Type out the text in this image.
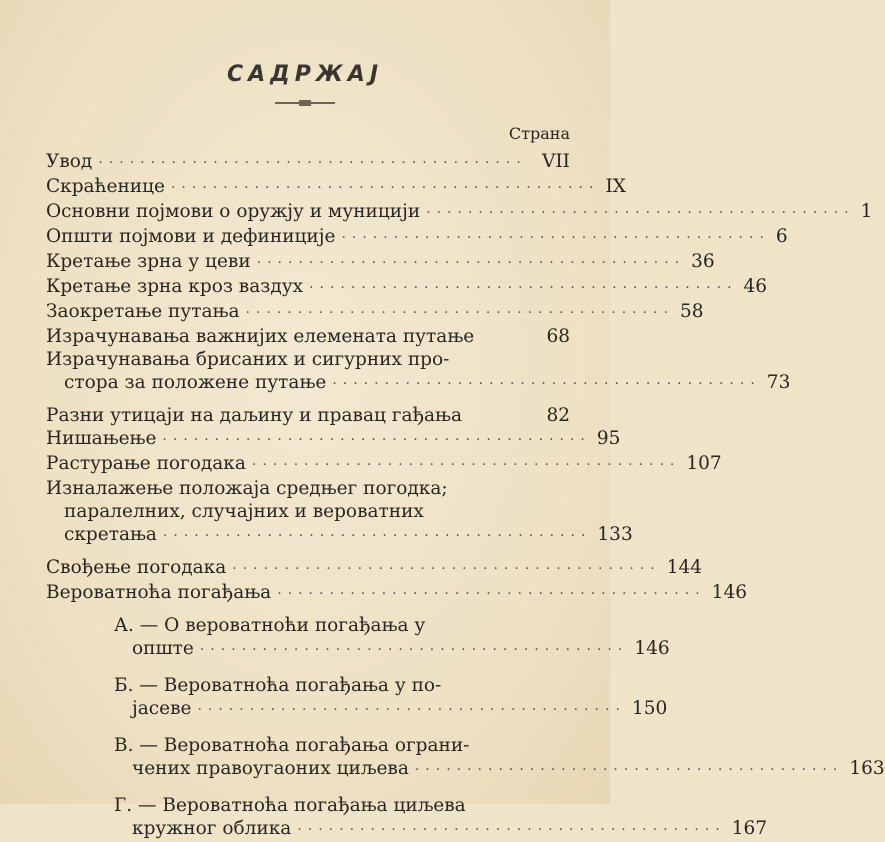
САДРЖАЈ
Страна
Увод ········································· VII
Скраћенице ········································· IX
Основни појмови о оружју и муницији ········································· 1
Општи појмови и дефиниције ········································· 6
Кретање зрна у цеви ········································· 36
Кретање зрна кроз ваздух ········································· 46
Заокретање путања ········································· 58
Израчунавања важнијих елемената путање	68
Израчунавања брисаних и сигурних про-
стора за положене путање ········································· 73
Разни утицаји на даљину и правац гађања	82
Нишањење ········································· 95
Растурање погодака ········································· 107
Изналажење положаја средњег погодка;
паралелних, случајних и вероватних
скретања ········································· 133
Свођење погодака ········································· 144
Вероватноћа погађања ········································· 146
А. — О вероватноћи погађања у
опште ········································· 146
Б. — Вероватноћа погађања у по-
јасеве ········································· 150
В. — Вероватноћа погађања ограни-
чених правоугаоних циљева ········································· 163
Г. — Вероватноћа погађања циљева
кружног облика ········································· 167
